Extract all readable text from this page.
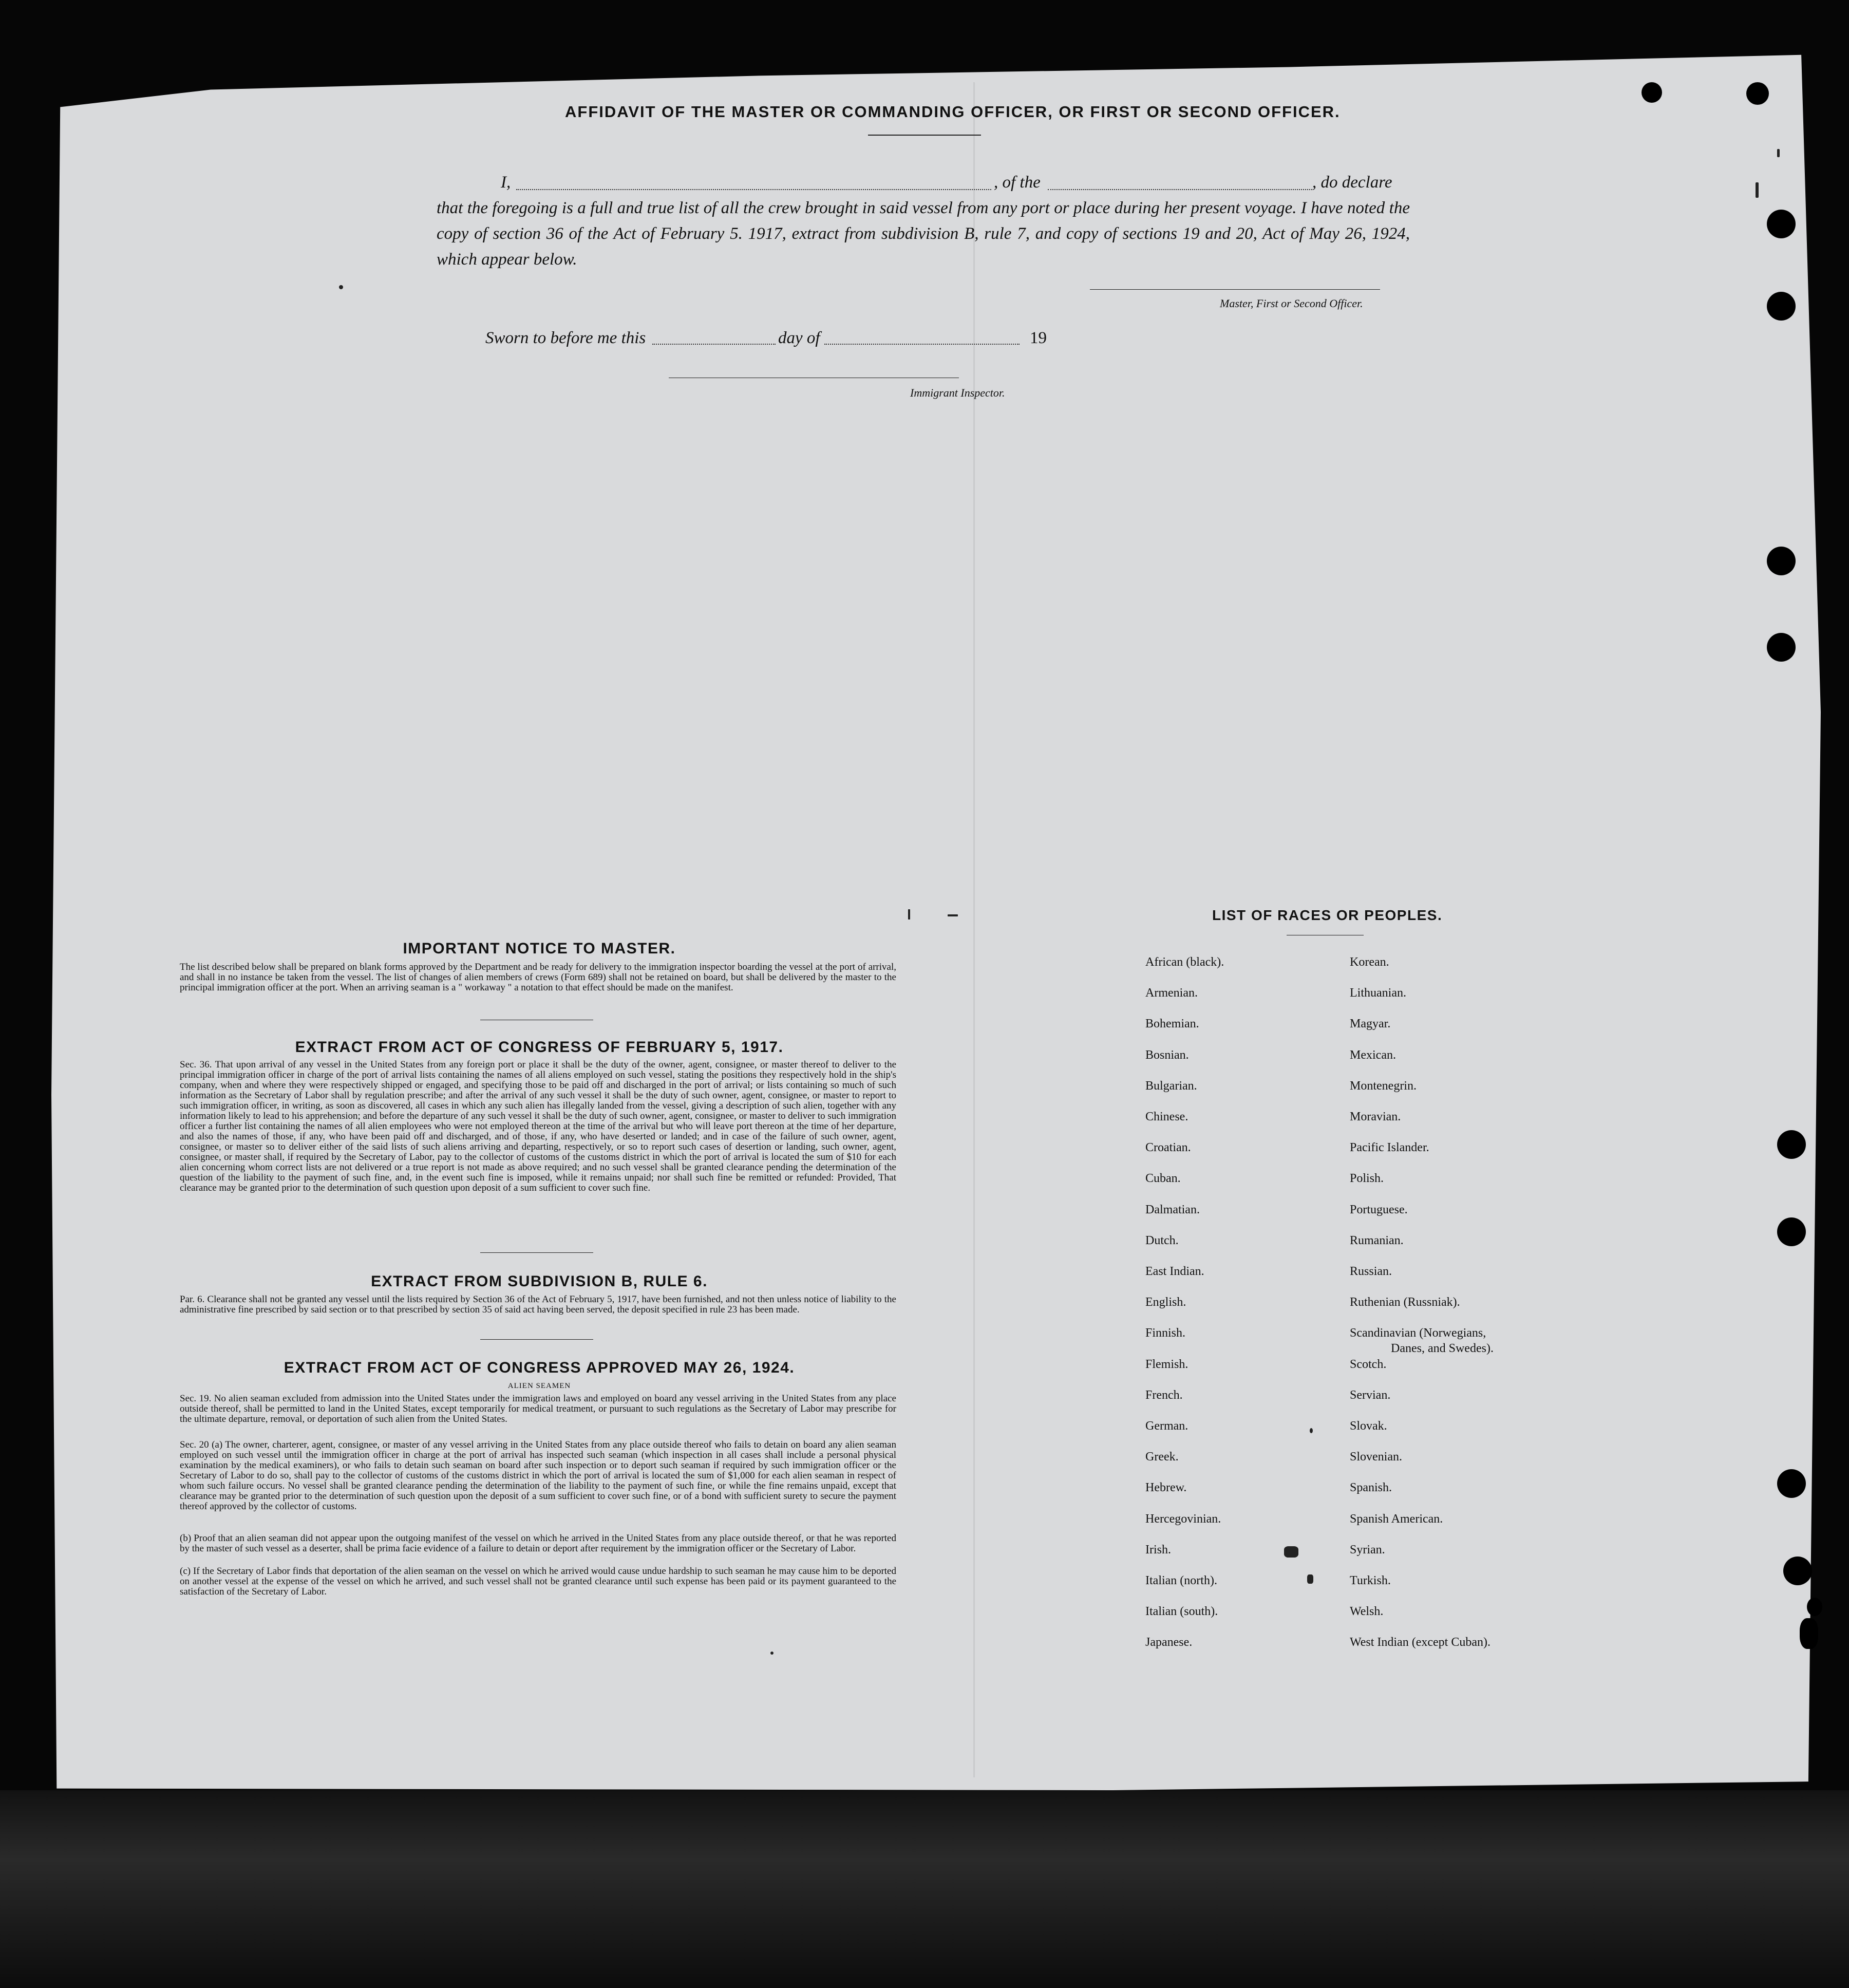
AFFIDAVIT OF THE MASTER OR COMMANDING OFFICER, OR FIRST OR SECOND OFFICER.
I,	, of the	, do declare
that the foregoing is a full and true list of all the crew brought in said vessel from any port or place during her present voyage. I have noted the copy of section 36 of the Act of February 5. 1917, extract from subdivision B, rule 7, and copy of sections 19 and 20, Act of May 26, 1924, which appear below.
Master, First or Second Officer.
Sworn to before me this	day of	19
Immigrant Inspector.
IMPORTANT NOTICE TO MASTER.
The list described below shall be prepared on blank forms approved by the Department and be ready for delivery to the immigration inspector boarding the vessel at the port of arrival, and shall in no instance be taken from the vessel. The list of changes of alien members of crews (Form 689) shall not be retained on board, but shall be delivered by the master to the principal immigration officer at the port. When an arriving seaman is a " workaway " a notation to that effect should be made on the manifest.
EXTRACT FROM ACT OF CONGRESS OF FEBRUARY 5, 1917.
Sec. 36. That upon arrival of any vessel in the United States from any foreign port or place it shall be the duty of the owner, agent, consignee, or master thereof to deliver to the principal immigration officer in charge of the port of arrival lists containing the names of all aliens employed on such vessel, stating the positions they respectively hold in the ship's company, when and where they were respectively shipped or engaged, and specifying those to be paid off and discharged in the port of arrival; or lists containing so much of such information as the Secretary of Labor shall by regulation prescribe; and after the arrival of any such vessel it shall be the duty of such owner, agent, consignee, or master to report to such immigration officer, in writing, as soon as discovered, all cases in which any such alien has illegally landed from the vessel, giving a description of such alien, together with any information likely to lead to his apprehension; and before the departure of any such vessel it shall be the duty of such owner, agent, consignee, or master to deliver to such immigration officer a further list containing the names of all alien employees who were not employed thereon at the time of the arrival but who will leave port thereon at the time of her departure, and also the names of those, if any, who have been paid off and discharged, and of those, if any, who have deserted or landed; and in case of the failure of such owner, agent, consignee, or master so to deliver either of the said lists of such aliens arriving and departing, respectively, or so to report such cases of desertion or landing, such owner, agent, consignee, or master shall, if required by the Secretary of Labor, pay to the collector of customs of the customs district in which the port of arrival is located the sum of $10 for each alien concerning whom correct lists are not delivered or a true report is not made as above required; and no such vessel shall be granted clearance pending the determination of the question of the liability to the payment of such fine, and, in the event such fine is imposed, while it remains unpaid; nor shall such fine be remitted or refunded: Provided, That clearance may be granted prior to the determination of such question upon deposit of a sum sufficient to cover such fine.
EXTRACT FROM SUBDIVISION B, RULE 6.
Par. 6. Clearance shall not be granted any vessel until the lists required by Section 36 of the Act of February 5, 1917, have been furnished, and not then unless notice of liability to the administrative fine prescribed by said section or to that prescribed by section 35 of said act having been served, the deposit specified in rule 23 has been made.
EXTRACT FROM ACT OF CONGRESS APPROVED MAY 26, 1924.
ALIEN SEAMEN
Sec. 19. No alien seaman excluded from admission into the United States under the immigration laws and employed on board any vessel arriving in the United States from any place outside thereof, shall be permitted to land in the United States, except temporarily for medical treatment, or pursuant to such regulations as the Secretary of Labor may prescribe for the ultimate departure, removal, or deportation of such alien from the United States.
Sec. 20 (a) The owner, charterer, agent, consignee, or master of any vessel arriving in the United States from any place outside thereof who fails to detain on board any alien seaman employed on such vessel until the immigration officer in charge at the port of arrival has inspected such seaman (which inspection in all cases shall include a personal physical examination by the medical examiners), or who fails to detain such seaman on board after such inspection or to deport such seaman if required by such immigration officer or the Secretary of Labor to do so, shall pay to the collector of customs of the customs district in which the port of arrival is located the sum of $1,000 for each alien seaman in respect of whom such failure occurs. No vessel shall be granted clearance pending the determination of the liability to the payment of such fine, or while the fine remains unpaid, except that clearance may be granted prior to the determination of such question upon the deposit of a sum sufficient to cover such fine, or of a bond with sufficient surety to secure the payment thereof approved by the collector of customs.
(b) Proof that an alien seaman did not appear upon the outgoing manifest of the vessel on which he arrived in the United States from any place outside thereof, or that he was reported by the master of such vessel as a deserter, shall be prima facie evidence of a failure to detain or deport after requirement by the immigration officer or the Secretary of Labor.
(c) If the Secretary of Labor finds that deportation of the alien seaman on the vessel on which he arrived would cause undue hardship to such seaman he may cause him to be deported on another vessel at the expense of the vessel on which he arrived, and such vessel shall not be granted clearance until such expense has been paid or its payment guaranteed to the satisfaction of the Secretary of Labor.
LIST OF RACES OR PEOPLES.
African (black).
Armenian.
Bohemian.
Bosnian.
Bulgarian.
Chinese.
Croatian.
Cuban.
Dalmatian.
Dutch.
East Indian.
English.
Finnish.
Flemish.
French.
German.
Greek.
Hebrew.
Hercegovinian.
Irish.
Italian (north).
Italian (south).
Japanese.
Korean.
Lithuanian.
Magyar.
Mexican.
Montenegrin.
Moravian.
Pacific Islander.
Polish.
Portuguese.
Rumanian.
Russian.
Ruthenian (Russniak).
Scandinavian (Norwegians,
Danes, and Swedes).
Scotch.
Servian.
Slovak.
Slovenian.
Spanish.
Spanish American.
Syrian.
Turkish.
Welsh.
West Indian (except Cuban).
